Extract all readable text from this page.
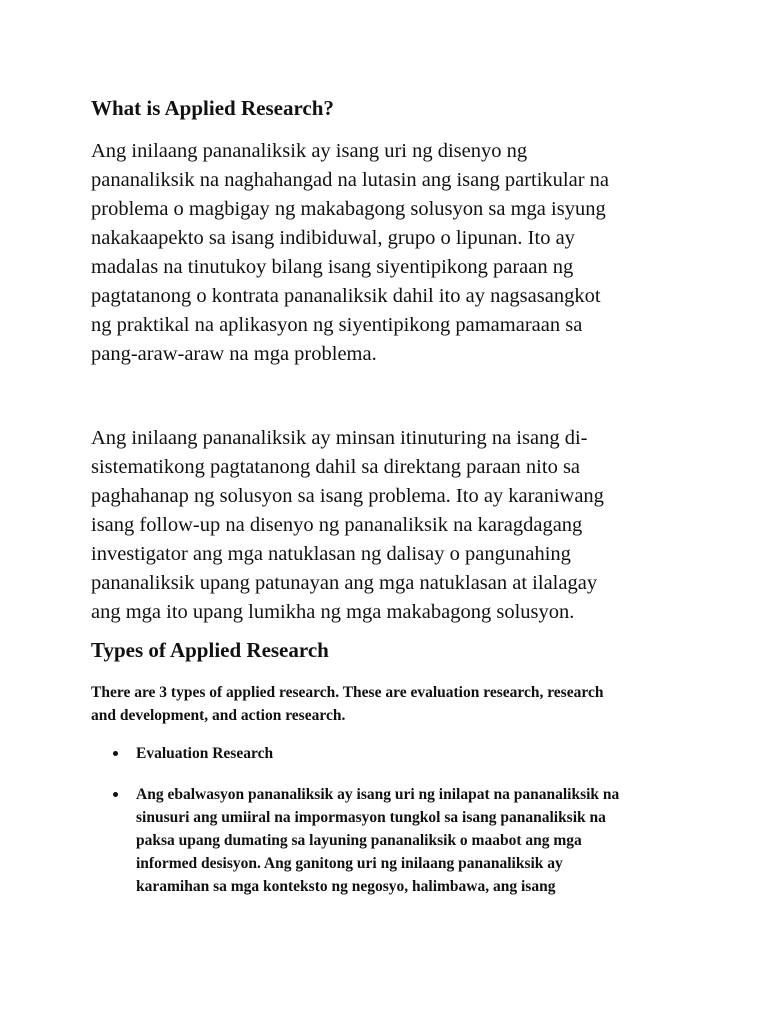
What is Applied Research?

Ang inilaang pananaliksik ay isang uri ng disenyo ng
pananaliksik na naghahangad na lutasin ang isang partikular na
problema o magbigay ng makabagong solusyon sa mga isyung
nakakaapekto sa isang indibiduwal, grupo o lipunan. Ito ay
madalas na tinutukoy bilang isang siyentipikong paraan ng
pagtatanong o kontrata pananaliksik dahil ito ay nagsasangkot
ng praktikal na aplikasyon ng siyentipikong pamamaraan sa
pang-araw-araw na mga problema.

Ang inilaang pananaliksik ay minsan itinuturing na isang di-
sistematikong pagtatanong dahil sa direktang paraan nito sa
paghahanap ng solusyon sa isang problema. Ito ay karaniwang
isang follow-up na disenyo ng pananaliksik na karagdagang
investigator ang mga natuklasan ng dalisay o pangunahing
pananaliksik upang patunayan ang mga natuklasan at ilalagay
ang mga ito upang lumikha ng mga makabagong solusyon.

Types of Applied Research

There are 3 types of applied research. These are evaluation research, research
and development, and action research.

Evaluation Research
Ang ebalwasyon pananaliksik ay isang uri ng inilapat na pananaliksik na
sinusuri ang umiiral na impormasyon tungkol sa isang pananaliksik na
paksa upang dumating sa layuning pananaliksik o maabot ang mga
informed desisyon. Ang ganitong uri ng inilaang pananaliksik ay
karamihan sa mga konteksto ng negosyo, halimbawa, ang isang
